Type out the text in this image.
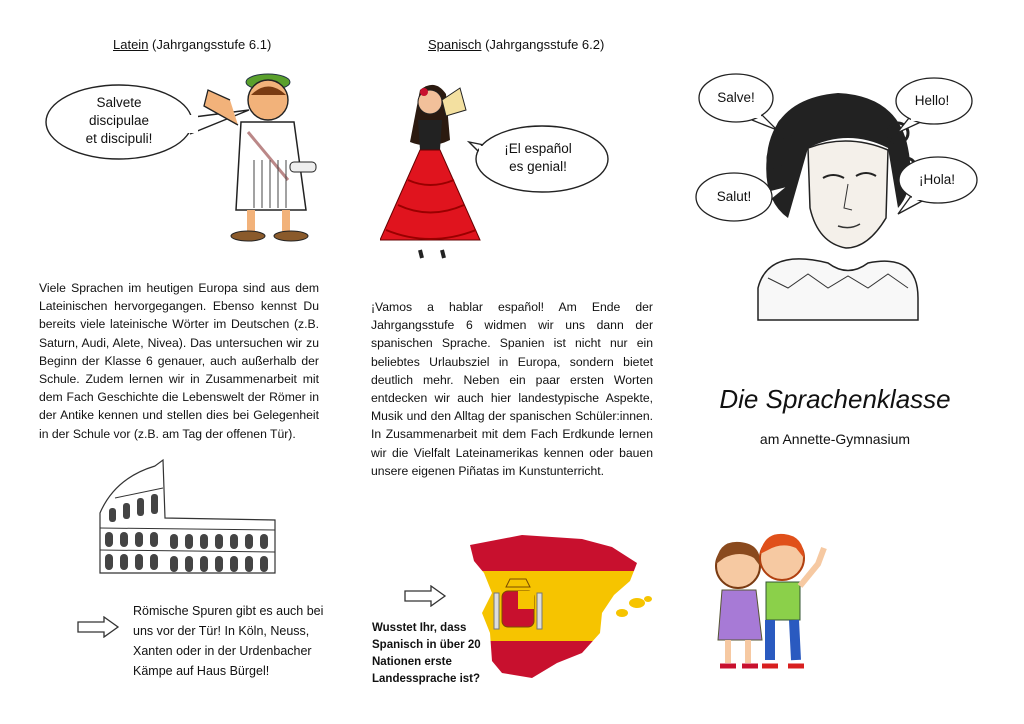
Latein (Jahrgangsstufe 6.1)
Salvete
discipulae
et discipuli!
Viele Sprachen im heutigen Europa sind aus dem Lateinischen hervorgegangen. Ebenso kennst Du bereits viele lateinische Wörter im Deutschen (z.B. Saturn, Audi, Alete, Nivea). Das untersuchen wir zu Beginn der Klasse 6 genauer, auch außerhalb der Schule. Zudem lernen wir in Zusammenarbeit mit dem Fach Geschichte die Lebenswelt der Römer in der Antike kennen und stellen dies bei Gelegenheit in der Schule vor (z.B. am Tag der offenen Tür).
Römische Spuren gibt es auch bei uns vor der Tür! In Köln, Neuss, Xanten oder in der Urdenbacher Kämpe auf Haus Bürgel!
Spanisch (Jahrgangsstufe 6.2)
¡El español
es genial!
¡Vamos a hablar español! Am Ende der Jahrgangsstufe 6 widmen wir uns dann der spanischen Sprache. Spanien ist nicht nur ein beliebtes Urlaubsziel in Europa, sondern bietet deutlich mehr. Neben ein paar ersten Worten entdecken wir auch hier landestypische Aspekte, Musik und den Alltag der spanischen Schüler:innen. In Zusammenarbeit mit dem Fach Erdkunde lernen wir die Vielfalt Lateinamerikas kennen oder bauen unsere eigenen Piñatas im Kunstunterricht.
Wusstet Ihr, dass Spanisch in über 20 Nationen erste Landessprache ist?
Salve!	Hello!
Salut!
¡Hola!
Die Sprachenklasse
am Annette-Gymnasium
